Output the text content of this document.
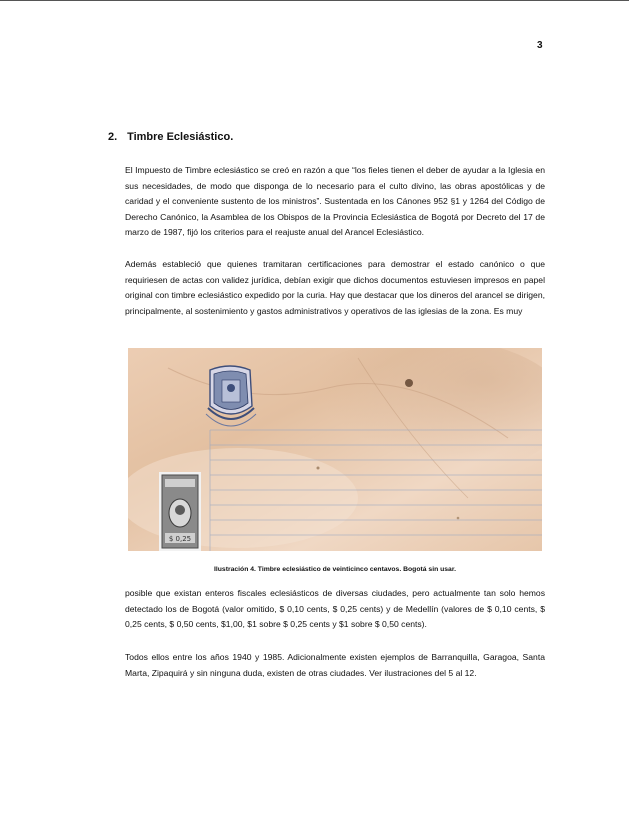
3
2. Timbre Eclesiástico.

El Impuesto de Timbre eclesiástico se creó en razón a que “los fieles tienen el deber de ayudar a la Iglesia en sus necesidades, de modo que disponga de lo necesario para el culto divino, las obras apostólicas y de caridad y el conveniente sustento de los ministros”. Sustentada en los Cánones 952 §1 y 1264 del Código de Derecho Canónico, la Asamblea de los Obispos de la Provincia Eclesiástica de Bogotá por Decreto del 17 de marzo de 1987, fijó los criterios para el reajuste anual del Arancel Eclesiástico.

Además estableció que quienes tramitaran certificaciones para demostrar el estado canónico o que requiriesen de actas con validez jurídica, debían exigir que dichos documentos estuviesen impresos en papel original con timbre eclesiástico expedido por la curia. Hay que destacar que los dineros del arancel se dirigen, principalmente, al sostenimiento y gastos administrativos y operativos de las iglesias de la zona. Es muy

$ 0,25
Ilustración 4. Timbre eclesiástico de veinticinco centavos. Bogotá sin usar.

posible que existan enteros fiscales eclesiásticos de diversas ciudades, pero actualmente tan solo hemos detectado los de Bogotá (valor omitido, $ 0,10 cents, $ 0,25 cents) y de Medellín (valores de $ 0,10 cents, $ 0,25 cents, $ 0,50 cents, $1,00, $1 sobre $ 0,25 cents y $1 sobre $ 0,50 cents).

Todos ellos entre los años 1940 y 1985. Adicionalmente existen ejemplos de Barranquilla, Garagoa, Santa Marta, Zipaquirá y sin ninguna duda, existen de otras ciudades. Ver ilustraciones del 5 al 12.
